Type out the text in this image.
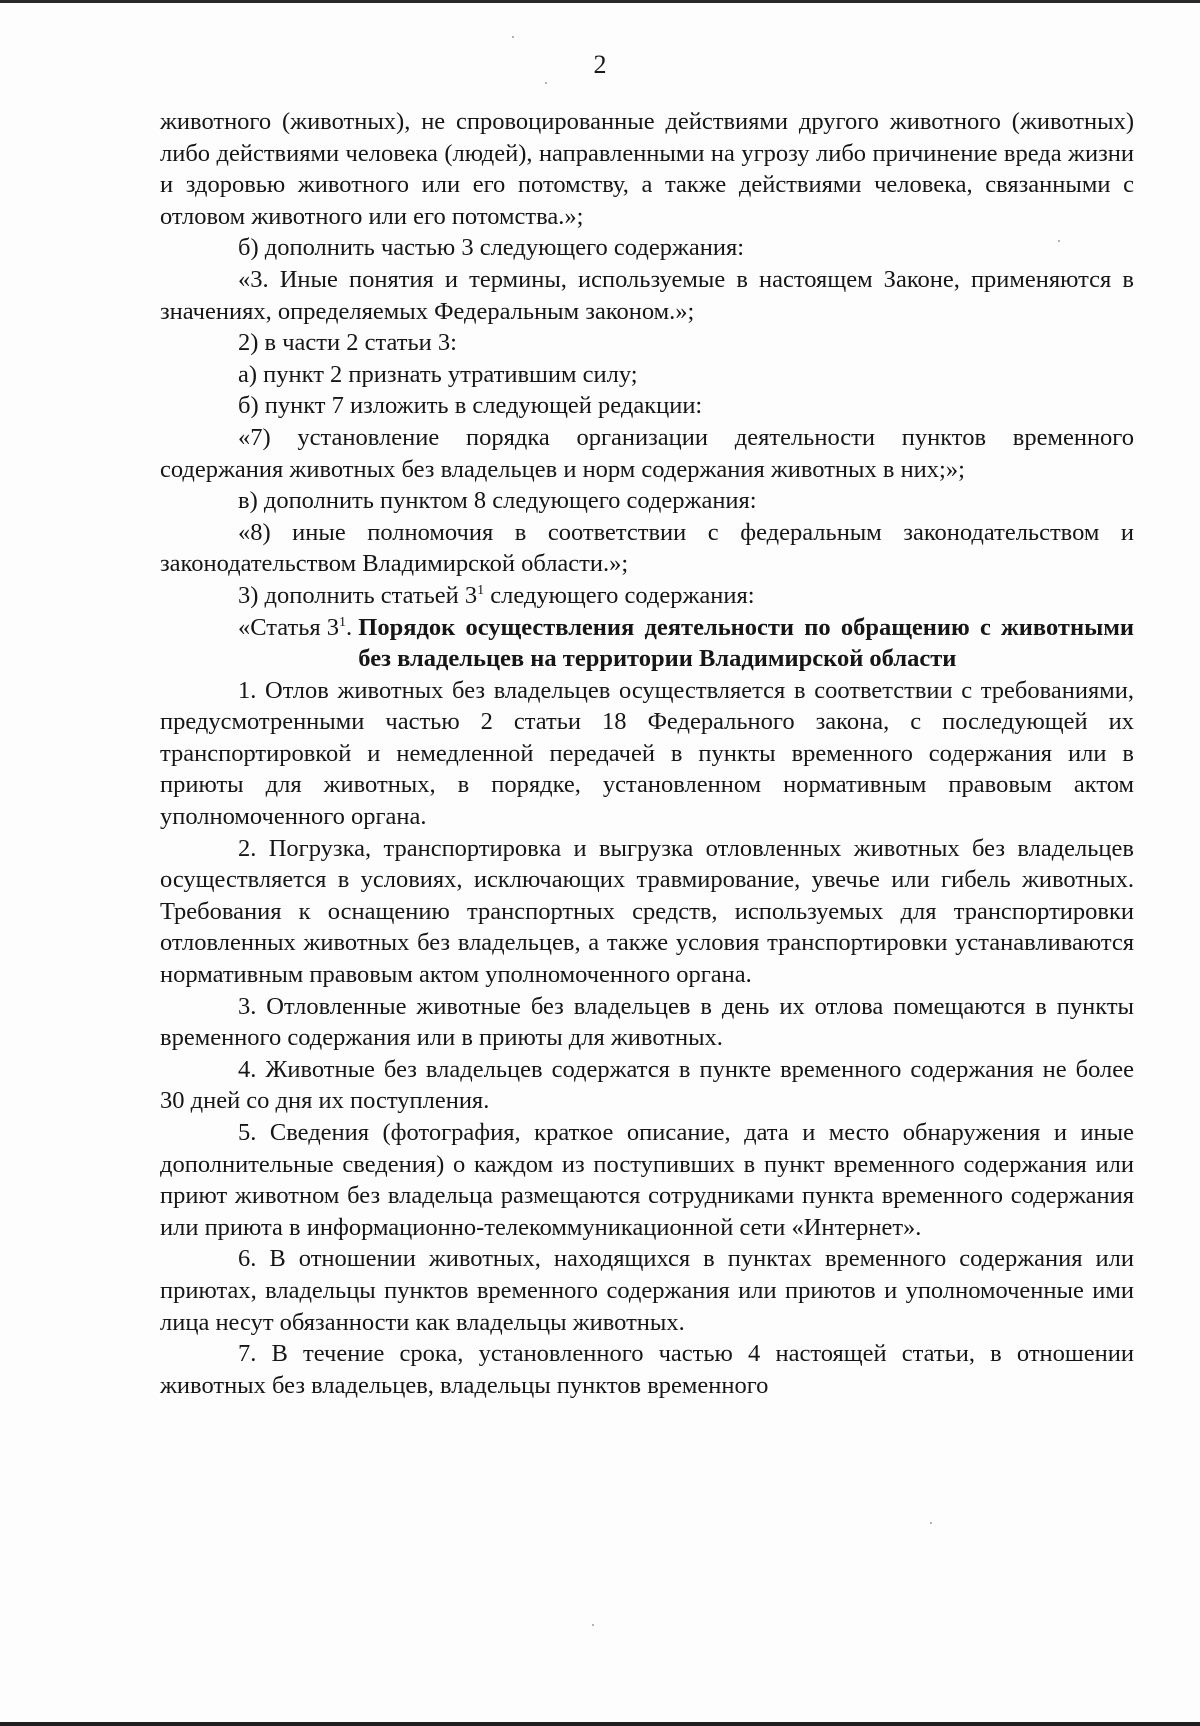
2

животного (животных), не спровоцированные действиями другого животного (животных) либо действиями человека (людей), направленными на угрозу либо причинение вреда жизни и здоровью животного или его потомству, а также действиями человека, связанными с отловом животного или его потомства.»;

б) дополнить частью 3 следующего содержания:

«3. Иные понятия и термины, используемые в настоящем Законе, применяются в значениях, определяемых Федеральным законом.»;

2) в части 2 статьи 3:

а) пункт 2 признать утратившим силу;

б) пункт 7 изложить в следующей редакции:

«7) установление порядка организации деятельности пунктов временного содержания животных без владельцев и норм содержания животных в них;»;

в) дополнить пунктом 8 следующего содержания:

«8) иные полномочия в соответствии с федеральным законодательством и законодательством Владимирской области.»;

3) дополнить статьей $3^1$ следующего содержания:

«Статья $3^1$. Порядок осуществления деятельности по обращению с животными без владельцев на территории Владимирской области

1. Отлов животных без владельцев осуществляется в соответствии с требованиями, предусмотренными частью 2 статьи 18 Федерального закона, с последующей их транспортировкой и немедленной передачей в пункты временного содержания или в приюты для животных, в порядке, установленном нормативным правовым актом уполномоченного органа.

2. Погрузка, транспортировка и выгрузка отловленных животных без владельцев осуществляется в условиях, исключающих травмирование, увечье или гибель животных. Требования к оснащению транспортных средств, используемых для транспортировки отловленных животных без владельцев, а также условия транспортировки устанавливаются нормативным правовым актом уполномоченного органа.

3. Отловленные животные без владельцев в день их отлова помещаются в пункты временного содержания или в приюты для животных.

4. Животные без владельцев содержатся в пункте временного содержания не более 30 дней со дня их поступления.

5. Сведения (фотография, краткое описание, дата и место обнаружения и иные дополнительные сведения) о каждом из поступивших в пункт временного содержания или приют животном без владельца размещаются сотрудниками пункта временного содержания или приюта в информационно-телекоммуникационной сети «Интернет».

6. В отношении животных, находящихся в пунктах временного содержания или приютах, владельцы пунктов временного содержания или приютов и уполномоченные ими лица несут обязанности как владельцы животных.

7. В течение срока, установленного частью 4 настоящей статьи, в отношении животных без владельцев, владельцы пунктов временного
